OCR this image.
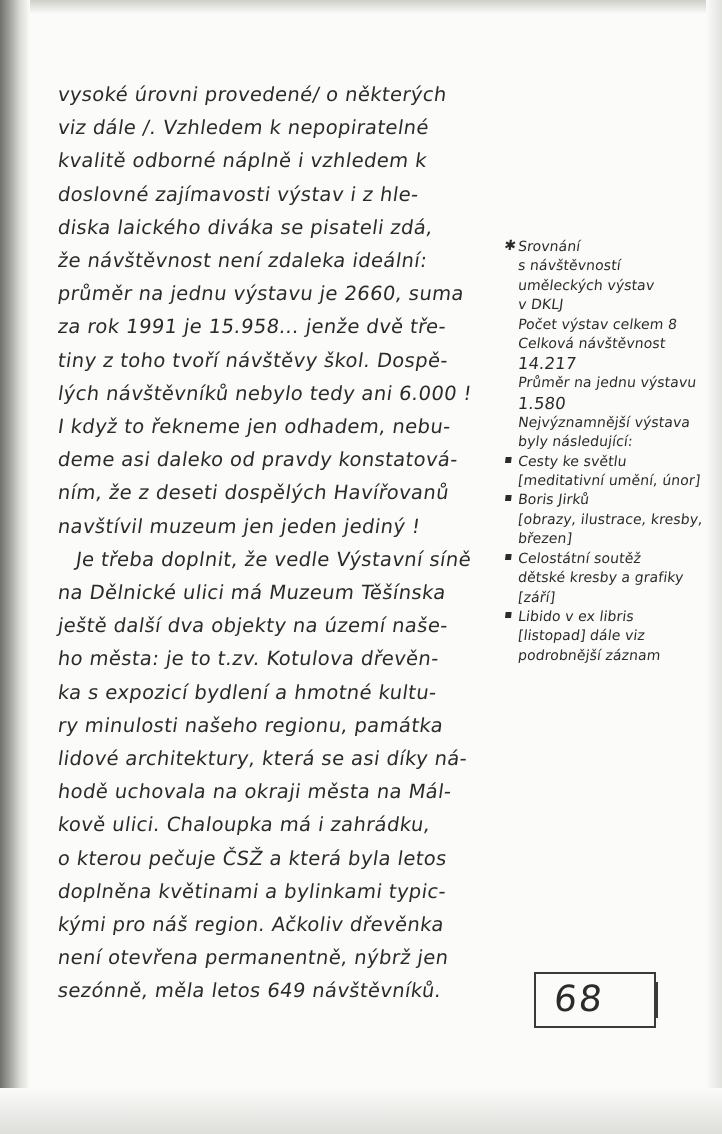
vysoké úrovni provedené/ o některých
viz dále /. Vzhledem k nepopiratelné
kvalitě odborné náplně i vzhledem k
doslovné zajímavosti výstav i z hle-
diska laického diváka se pisateli zdá,
že návštěvnost není zdaleka ideální:
průměr na jednu výstavu je 2660, suma
za rok 1991 je 15.958... jenže dvě tře-
tiny z toho tvoří návštěvy škol. Dospě-
lých návštěvníků nebylo tedy ani 6.000 !
I když to řekneme jen odhadem, nebu-
deme asi daleko od pravdy konstatová-
ním, že z deseti dospělých Havířovanů
navštívil muzeum jen jeden jediný !
Je třeba doplnit, že vedle Výstavní síně
na Dělnické ulici má Muzeum Těšínska
ještě další dva objekty na území naše-
ho města: je to t.zv. Kotulova dřevěn-
ka s expozicí bydlení a hmotné kultu-
ry minulosti našeho regionu, památka
lidové architektury, která se asi díky ná-
hodě uchovala na okraji města na Mál-
kově ulici. Chaloupka má i zahrádku,
o kterou pečuje ČSŽ a která byla letos
doplněna květinami a bylinkami typic-
kými pro náš region. Ačkoliv dřevěnka
není otevřena permanentně, nýbrž jen
sezónně, měla letos 649 návštěvníků.
✱ Srovnání
s návštěvností
uměleckých výstav
v DKLJ
Počet výstav celkem 8
Celková návštěvnost
14.217
Průměr na jednu výstavu
1.580
Nejvýznamnější výstava
byly následující:
Cesty ke světlu
[meditativní umění, únor]
Boris Jirků
[obrazy, ilustrace, kresby,
březen]
Celostátní soutěž
dětské kresby a grafiky
[září]
Libido v ex libris
[listopad] dále viz
podrobnější záznam
68
